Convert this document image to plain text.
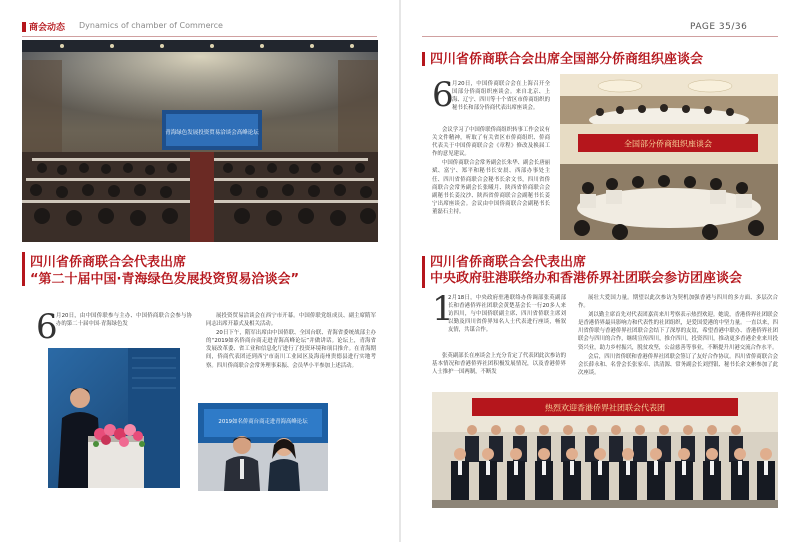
商会动态 Dynamics of chamber of Commerce	PAGE 35/36
青海绿色发展投资贸易洽谈会高峰论坛
四川省侨商联合会代表出席
“第二十届中国·青海绿色发展投资贸易洽谈会”
6
月20日，由中国侨联参与主办、中国侨商联合会参与协办的第二十届中国·青海绿色发

展投资贸易洽谈会在西宁市开幕。中国侨联党组成员、副主席隋军同志出席开幕式及相关活动。

20日下午，隋军出席由中国侨联、全国台联、青海省委统战部主办的“2019如名侨商台商走进青海高峰论坛”并做讲话。论坛上，青海省发展改革委、省工业和信息化厅进行了投资环境和项目推介。在青海期间，侨商代表团还到西宁市南川工业园区及海南州贵德县进行实地考察。四川侨商联合会常务理事束振、会员华小平参加上述活动。

2019如名侨商台商走进青海高峰论坛
四川省侨商联合会出席全国部分侨商组织座谈会
6
月20日，中国侨商联合会在上海召开全国部分侨商组织座谈会。来自北京、上海、辽宁、四川等十个省区市侨商组织的秘书长和部分侨商代表出席座谈会。

会议学习了中国侨联侨商组织转事工作会议有关文件精神，听取了有关省区市侨商组织、侨商代表关于中国侨商联合会《章程》修改及换届工作的意见建议。

中国侨商联合会常务副会长朱华、副会长唐丽斌、富宁、郑平和秘书长安晨、西部办事处主任、四川省侨商联合会秘书长余文书，四川省侨商联合会常务副会长张曦月、陕西省侨商联合会副秘书长姜汶沙、陕西省侨商联合会副秘书长姜宁出席座谈会。会议由中国侨商联合会副秘书长董磊石主持。

全国部分侨商组织座谈会
四川省侨商联合会代表出席
中央政府驻港联络办和香港侨界社团联会参访团座谈会
1
2月18日，中央政府驻港联络办侨调部张英副部长和香港侨界社团联会黄楚基会长一行20多人来访四川，与中国侨联副主席、四川省侨联主席刘以勤及四川省侨界知名人士代表进行座谈，畅叙友情，共谋合作。

张英副部长在座谈会上充分肯定了代表团此次参访的基本情况和香港侨界社团积极发展情况，以及香港侨界人士推护一国两制，不断发

展壮大爱国力量。期望以此次参访为契机加强香港与四川的多方面、多层次合作。

刘以勤主席首先对代表团嘉宾来川考察表示热烈欢迎。她说，香港侨界社团联会是香港侨界最具影响力和代表性的社团组织，是爱国爱港的中坚力量。一直以来，四川省侨联与香港侨界社团联合会结下了深厚的友谊，希望香港中联办、香港侨界社团联会与四川的合作，继续宣传四川，推介四川，投资四川，推动更多香港企业来川投资兴业，助力乡村振兴，脱贫攻坚，公益慈善等事业，不断提升川港交流合作水平。

会后，四川省侨联和香港侨界社团联会签订了友好合作协议。四川省侨商联合会会长薛永和、名誉会长张家卓、洪清源、常务副会长刘烈银、秘书长余文彬参加了此次座谈。

热烈欢迎香港侨界社团联会代表团
